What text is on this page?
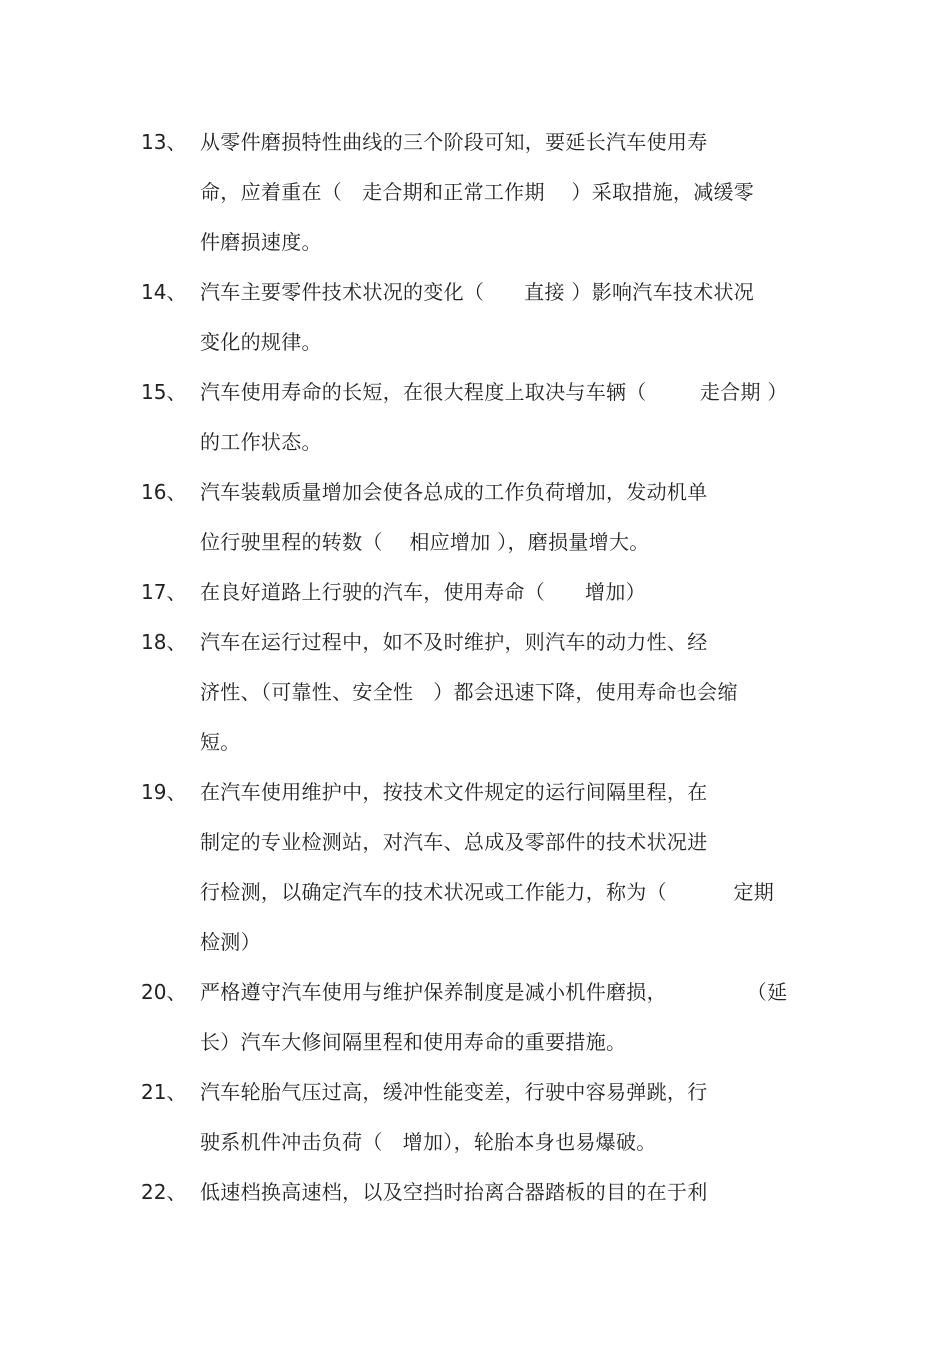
13、 从零件磨损特性曲线的三个阶段可知，要延长汽车使用寿
命，应着重在（   走合期和正常工作期    ）采取措施，减缓零
件磨损速度。
14、 汽车主要零件技术状况的变化（      直接 ）影响汽车技术状况
变化的规律。
15、 汽车使用寿命的长短，在很大程度上取决与车辆（        走合期 ）
的工作状态。
16、 汽车装载质量增加会使各总成的工作负荷增加，发动机单
位行驶里程的转数（    相应增加 ），磨损量增大。
17、 在良好道路上行驶的汽车，使用寿命（      增加）
18、 汽车在运行过程中，如不及时维护，则汽车的动力性、经
济性、（可靠性、安全性   ）都会迅速下降，使用寿命也会缩
短。
19、 在汽车使用维护中，按技术文件规定的运行间隔里程，在
制定的专业检测站，对汽车、总成及零部件的技术状况进
行检测，以确定汽车的技术状况或工作能力，称为（          定期
检测）
20、 严格遵守汽车使用与维护保养制度是减小机件磨损，            （延
长）汽车大修间隔里程和使用寿命的重要措施。
21、 汽车轮胎气压过高，缓冲性能变差，行驶中容易弹跳，行
驶系机件冲击负荷（   增加），轮胎本身也易爆破。
22、 低速档换高速档，以及空挡时抬离合器踏板的目的在于利
